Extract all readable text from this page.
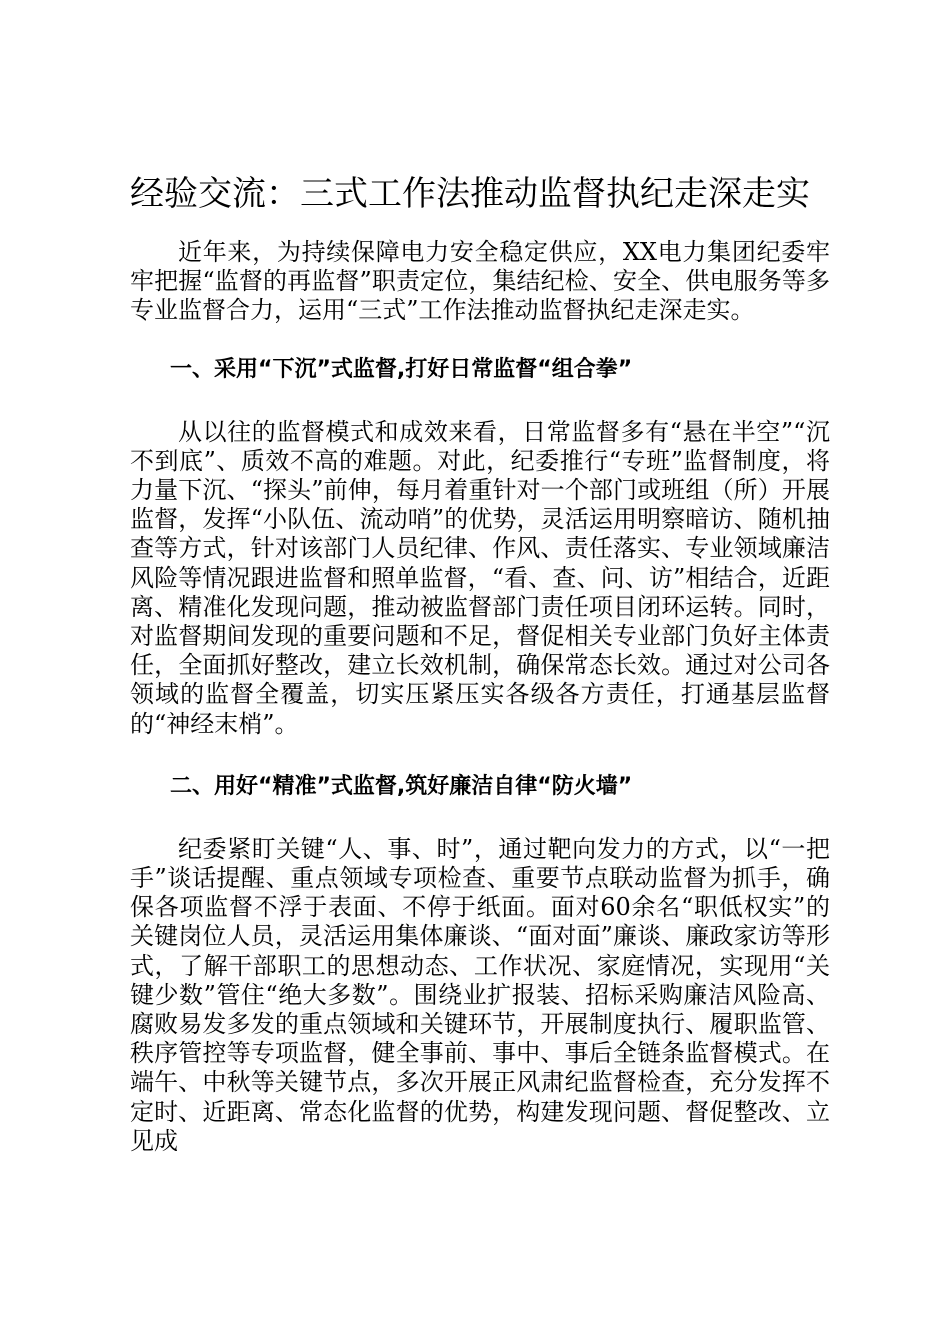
经验交流：三式工作法推动监督执纪走深走实

近年来，为持续保障电力安全稳定供应，XX电力集团纪委牢牢把握“监督的再监督”职责定位，集结纪检、安全、供电服务等多专业监督合力，运用“三式”工作法推动监督执纪走深走实。

一、采用“下沉”式监督,打好日常监督“组合拳”

从以往的监督模式和成效来看，日常监督多有“悬在半空”“沉不到底”、质效不高的难题。对此，纪委推行“专班”监督制度，将力量下沉、“探头”前伸，每月着重针对一个部门或班组（所）开展监督，发挥“小队伍、流动哨”的优势，灵活运用明察暗访、随机抽查等方式，针对该部门人员纪律、作风、责任落实、专业领域廉洁风险等情况跟进监督和照单监督，“看、查、问、访”相结合，近距离、精准化发现问题，推动被监督部门责任项目闭环运转。同时，对监督期间发现的重要问题和不足，督促相关专业部门负好主体责任，全面抓好整改，建立长效机制，确保常态长效。通过对公司各领域的监督全覆盖，切实压紧压实各级各方责任，打通基层监督的“神经末梢”。

二、用好“精准”式监督,筑好廉洁自律“防火墙”

纪委紧盯关键“人、事、时”，通过靶向发力的方式，以“一把手”谈话提醒、重点领域专项检查、重要节点联动监督为抓手，确保各项监督不浮于表面、不停于纸面。面对60余名“职低权实”的关键岗位人员，灵活运用集体廉谈、“面对面”廉谈、廉政家访等形式，了解干部职工的思想动态、工作状况、家庭情况，实现用“关键少数”管住“绝大多数”。围绕业扩报装、招标采购廉洁风险高、腐败易发多发的重点领域和关键环节，开展制度执行、履职监管、秩序管控等专项监督，健全事前、事中、事后全链条监督模式。在端午、中秋等关键节点，多次开展正风肃纪监督检查，充分发挥不定时、近距离、常态化监督的优势，构建发现问题、督促整改、立见成
